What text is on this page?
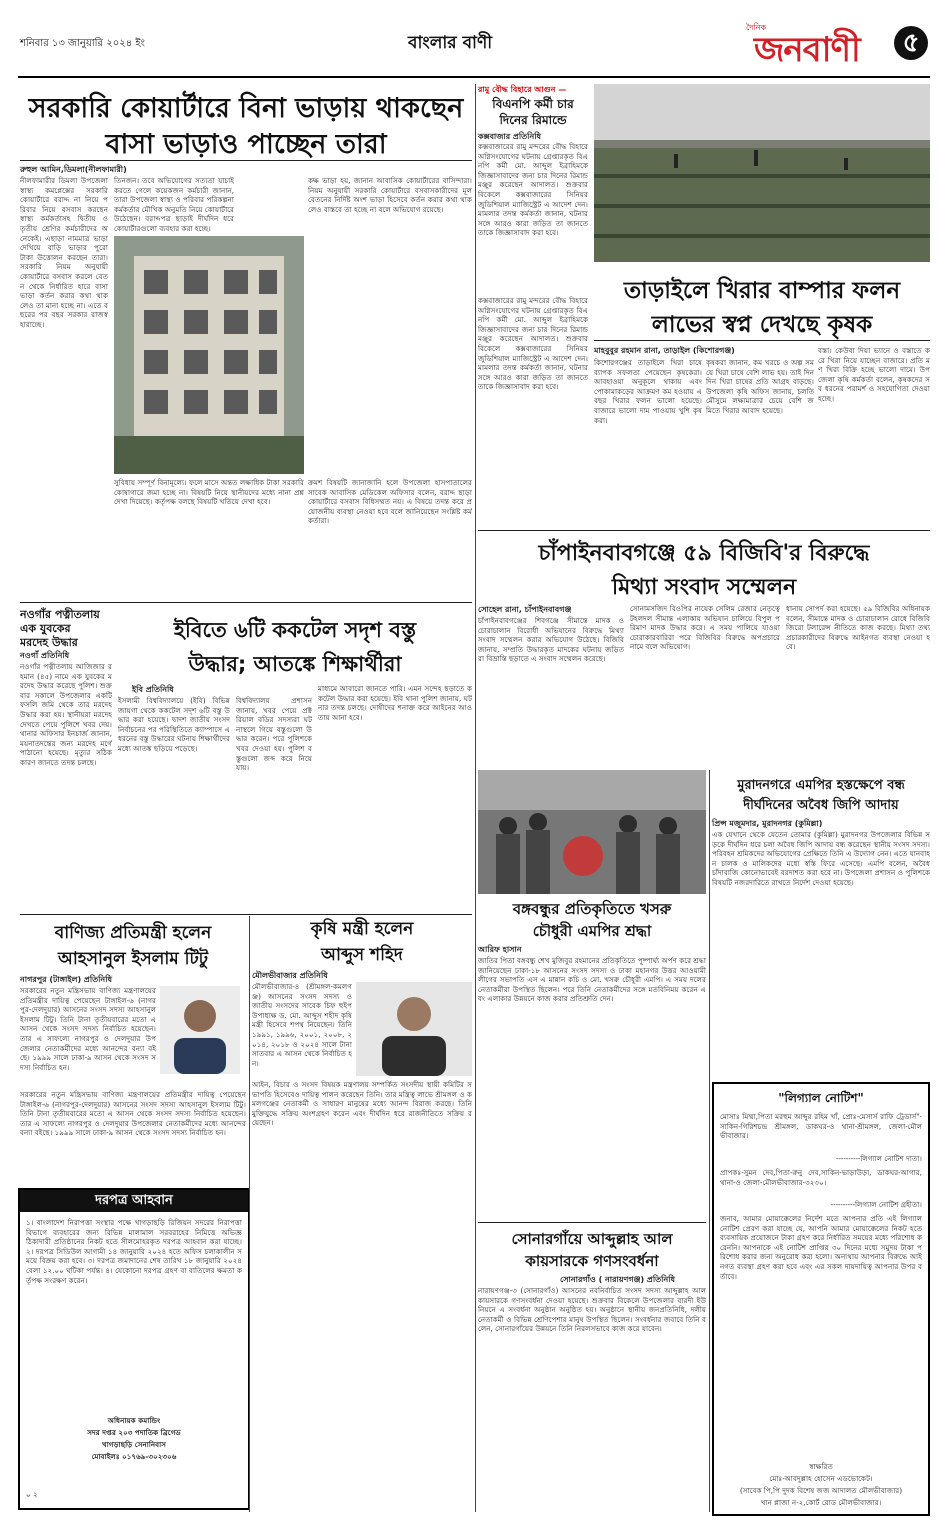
শনিবার ১৩ জানুয়ারি ২০২৪ ইং	বাংলার বাণী
দৈনিক
জনবাণী	৫
সরকারি কোয়ার্টারে বিনা ভাড়ায় থাকছেন
বাসা ভাড়াও পাচ্ছেন তারা
রুহুল আমিন,ডিমলা(নীলফামারী)
নীলফামারীর ডিমলা উপজেলা স্বাস্থ্য কমপ্লেক্সের সরকারি কোয়ার্টারে বরাদ্দ না নিয়ে পরিবার নিয়ে বসবাস করছেন স্বাস্থ্য কর্মকর্তাসহ দ্বিতীয় ও তৃতীয় শ্রেণির কর্মচারীদের অনেকেই। এছাড়া নামমাত্র ভাড়া দেখিয়ে বাড়ি ভাড়ার পুরো টাকা উত্তোলন করছেন তারা। সরকারি নিয়ম অনুযায়ী কোয়ার্টারে বসবাস করলে বেতন থেকে নির্ধারিত হারে বাসা ভাড়া কর্তন করার কথা থাকলেও তা মানা হচ্ছে না। এতে বছরের পর বছর সরকার রাজস্ব হারাচ্ছে।
তিনজন। তবে অভিযোগের সত্যতা যাচাই করতে গেলে কয়েকজন কর্মচারী জানান, তারা উপজেলা স্বাস্থ্য ও পরিবার পরিকল্পনা কর্মকর্তার মৌখিক অনুমতি নিয়ে কোয়ার্টারে উঠেছেন। বরাদ্দপত্র ছাড়াই দীর্ঘদিন ধরে কোয়ার্টারগুলো ব্যবহার করা হচ্ছে।
কক্ষ ভাড়া হয়, জানান আবাসিক কোয়ার্টারের বাসিন্দারা। নিয়ম অনুযায়ী সরকারি কোয়ার্টারে বসবাসকারীদের মূল বেতনের নির্দিষ্ট অংশ ভাড়া হিসেবে কর্তন করার কথা থাকলেও বাস্তবে তা হচ্ছে না বলে অভিযোগ রয়েছে।
সুবিধায় সম্পূর্ণ বিনামূল্যে। ফলে মাসে অন্তত লক্ষাধিক টাকা সরকারি কোষাগারে জমা হচ্ছে না। বিষয়টি নিয়ে স্থানীয়দের মধ্যে নানা প্রশ্ন দেখা দিয়েছে। কর্তৃপক্ষ বলছে বিষয়টি খতিয়ে দেখা হবে।
ক্রমশ বিষয়টি জানাজানি হলে উপজেলা হাসপাতালের সাবেক আবাসিক মেডিকেল অফিসার বলেন, বরাদ্দ ছাড়া কোয়ার্টারে বসবাস বিধিসম্মত নয়। এ বিষয়ে তদন্ত করে প্রয়োজনীয় ব্যবস্থা নেওয়া হবে বলে জানিয়েছেন সংশ্লিষ্ট কর্মকর্তারা।
রামু বৌদ্ধ বিহারে আগুন —
বিএনপি কর্মী চার
দিনের রিমান্ডে
কক্সবাজার প্রতিনিধি
কক্সবাজারের রামু মন্দরের বৌদ্ধ বিহারে অগ্নিসংযোগের ঘটনায় গ্রেপ্তারকৃত বিএনপি কর্মী মো. আব্দুল ইব্রাহিমকে জিজ্ঞাসাবাদের জন্য চার দিনের রিমান্ড মঞ্জুর করেছেন আদালত। শুক্রবার বিকেলে কক্সবাজারের সিনিয়র জুডিশিয়াল ম্যাজিস্ট্রেট এ আদেশ দেন। মামলার তদন্ত কর্মকর্তা জানান, ঘটনার সঙ্গে আরও কারা জড়িত তা জানতে তাকে জিজ্ঞাসাবাদ করা হবে।
তাড়াইলে খিরার বাম্পার ফলন
লাভের স্বপ্ন দেখছে কৃষক
মাহবুবুর রহমান রানা, তাড়াইল (কিশোরগঞ্জ)
কিশোরগঞ্জের তাড়াইলে খিরা চাষে ব্যাপক সফলতা পেয়েছেন কৃষকেরা। আবহাওয়া অনুকূলে থাকায় এবং পোকামাকড়ের আক্রমণ কম হওয়ায় এবছর খিরার ফলন ভালো হয়েছে। বাজারে ভালো দাম পাওয়ায় খুশি কৃষকরা।
কৃষকরা জানান, কম খরচে ও অল্প সময়ে খিরা চাষে বেশি লাভ হয়। তাই দিন দিন খিরা চাষের প্রতি আগ্রহ বাড়ছে। উপজেলা কৃষি অফিস জানায়, চলতি মৌসুমে লক্ষ্যমাত্রার চেয়ে বেশি জমিতে খিরার আবাদ হয়েছে।
বস্তা। কেউবা দিয়া ভ্যানে ও বস্তাতে করে খিরা নিয়ে যাচ্ছেন বাজারে। প্রতি মণ খিরা বিক্রি হচ্ছে ভালো দামে। উপজেলা কৃষি কর্মকর্তা বলেন, কৃষকদের সব ধরনের পরামর্শ ও সহযোগিতা দেওয়া হচ্ছে।
কক্সবাজারের রামু মন্দরের বৌদ্ধ বিহারে অগ্নিসংযোগের ঘটনায় গ্রেপ্তারকৃত বিএনপি কর্মী মো. আব্দুল ইব্রাহিমকে জিজ্ঞাসাবাদের জন্য চার দিনের রিমান্ড মঞ্জুর করেছেন আদালত। শুক্রবার বিকেলে কক্সবাজারের সিনিয়র জুডিশিয়াল ম্যাজিস্ট্রেট এ আদেশ দেন। মামলার তদন্ত কর্মকর্তা জানান, ঘটনার সঙ্গে আরও কারা জড়িত তা জানতে তাকে জিজ্ঞাসাবাদ করা হবে।
চাঁপাইনবাবগঞ্জে ৫৯ বিজিবি'র বিরুদ্ধে
মিথ্যা সংবাদ সম্মেলন
সোহেল রানা, চাঁপাইনবাবগঞ্জ
চাঁপাইনবাবগঞ্জের শিবগঞ্জে সীমান্তে মাদক ও চোরাচালান বিরোধী অভিযানের বিরুদ্ধে মিথ্যা সংবাদ সম্মেলন করার অভিযোগ উঠেছে। বিজিবি জানায়, সম্প্রতি উদ্ধারকৃত মাদকের ঘটনায় জড়িতরা বিভ্রান্তি ছড়াতে এ সংবাদ সম্মেলন করেছে।
সোনামসজিদ বিওপির নায়েক সেলিম রেজার নেতৃত্বে টহলদল সীমান্ত এলাকায় অভিযান চালিয়ে বিপুল পরিমাণ মাদক উদ্ধার করে। এ সময় পালিয়ে যাওয়া চোরাকারবারিরা পরে বিজিবির বিরুদ্ধে অপপ্রচারে নামে বলে অভিযোগ।
ধানায় সোপর্দ করা হয়েছে। ৫৯ বিজিবির অধিনায়ক বলেন, সীমান্তে মাদক ও চোরাচালান রোধে বিজিবি জিরো টলারেন্স নীতিতে কাজ করছে। মিথ্যা তথ্য প্রচারকারীদের বিরুদ্ধে আইনগত ব্যবস্থা নেওয়া হবে।
নওগাঁর পত্নীতলায়
এক যুবকের
মরদেহ উদ্ধার
নওগাঁ প্রতিনিধি
নওগাঁর পত্নীতলায় আজিজার রহমান (৪৫) নামে এক যুবকের মরদেহ উদ্ধার করেছে পুলিশ। শুক্রবার সকালে উপজেলার একটি ফসলি জমি থেকে তার মরদেহ উদ্ধার করা হয়। স্থানীয়রা মরদেহ দেখতে পেয়ে পুলিশে খবর দেয়। থানার অফিসার ইনচার্জ জানান, ময়নাতদন্তের জন্য মরদেহ মর্গে পাঠানো হয়েছে। মৃত্যুর সঠিক কারণ জানতে তদন্ত চলছে।
ইবিতে ৬টি ককটেল সদৃশ বস্তু
উদ্ধার; আতঙ্কে শিক্ষার্থীরা
ইবি প্রতিনিধি
ইসলামী বিশ্ববিদ্যালয়ে (ইবি) বিভিন্ন জায়গা থেকে ককটেল সদৃশ ৬টি বস্তু উদ্ধার করা হয়েছে। দ্বাদশ জাতীয় সংসদ নির্বাচনের পর পরিস্থিতিতে ক্যাম্পাসে এ ধরনের বস্তু উদ্ধারের ঘটনায় শিক্ষার্থীদের মধ্যে আতঙ্ক ছড়িয়ে পড়েছে।
বিশ্ববিদ্যালয় প্রশাসন জানায়, খবর পেয়ে প্রক্টরিয়াল বডির সদস্যরা ঘটনাস্থলে গিয়ে বস্তুগুলো উদ্ধার করেন। পরে পুলিশকে খবর দেওয়া হয়। পুলিশ বস্তুগুলো জব্দ করে নিয়ে যায়।
মাধ্যমে আবারো জানতে পারি। এমন সন্দেহ ছড়াতে ককটেল উদ্ধার করা হয়েছে। ইবি থানা পুলিশ জানায়, ঘটনার তদন্ত চলছে। দোষীদের শনাক্ত করে আইনের আওতায় আনা হবে।
বঙ্গবন্ধুর প্রতিকৃতিতে খসরু
চৌধুরী এমপির শ্রদ্ধা
আরিফ হাসান
জাতির পিতা বঙ্গবন্ধু শেখ মুজিবুর রহমানের প্রতিকৃতিতে পুষ্পার্ঘ্য অর্পণ করে শ্রদ্ধা জানিয়েছেন ঢাকা-১৮ আসনের সংসদ সদস্য ও ঢাকা মহানগর উত্তর আওয়ামী লীগের সভাপতি এস এ মান্নান কচি ও মো. খসরু চৌধুরী এমপি। এ সময় দলের নেতাকর্মীরা উপস্থিত ছিলেন। পরে তিনি নেতাকর্মীদের সঙ্গে মতবিনিময় করেন এবং এলাকার উন্নয়নে কাজ করার প্রতিশ্রুতি দেন।
মুরাদনগরে এমপির হস্তক্ষেপে বন্ধ
দীর্ঘদিনের অবৈধ জিপি আদায়
প্রিন্স মজুমদার, মুরাদনগর (কুমিল্লা)
এক যেখানে থেকে যেতেন তোমার (কুমিল্লা) মুরাদনগর উপজেলার বিভিন্ন সড়কে দীর্ঘদিন ধরে চলা অবৈধ জিপি আদায় বন্ধ করেছেন স্থানীয় সংসদ সদস্য। পরিবহন শ্রমিকদের অভিযোগের প্রেক্ষিতে তিনি এ উদ্যোগ নেন। এতে যানবাহন চালক ও মালিকদের মধ্যে স্বস্তি ফিরে এসেছে। এমপি বলেন, অবৈধ চাঁদাবাজি কোনোভাবেই বরদাশত করা হবে না। উপজেলা প্রশাসন ও পুলিশকে বিষয়টি নজরদারিতে রাখতে নির্দেশ দেওয়া হয়েছে।
"লিগ্যাল নোটিশ"
মোসাঃ মিম্মা,পিতা মরহুম আব্দুর রহিম খাঁ, প্রোঃ-মেসার্স রাফি ট্রেডার্স"-সাকিন-গিরিশচন্দ্র শ্রীমঙ্গল, ডাকঘর-ও থানা-শ্রীমঙ্গল, জেলা-মৌলভীবাজার।
----------লিগ্যাল নোটিশ দাতা।
প্রাপকঃ-সুমন দেব,পিতা-রুনু দেব,সাকিন-ভাড়াউড়া, ডাকঘর-আগার,থানা-ও জেলা-মৌলভীবাজার-৩২৩০।
----------লিগ্যাল নোটিশ গ্রহীতা।
জনাব, আমার মোয়াক্কেলের নির্দেশ মতে আপনার প্রতি এই লিগ্যাল নোটিশ প্রেরণ করা যাচ্ছে যে, আপনি আমার মোয়াক্কেলের নিকট হতে ব্যবসায়িক প্রয়োজনে টাকা গ্রহণ করে নির্ধারিত সময়ের মধ্যে পরিশোধ করেননি। আপনাকে এই নোটিশ প্রাপ্তির ৩০ দিনের মধ্যে সমুদয় টাকা পরিশোধ করার জন্য অনুরোধ করা হলো। অন্যথায় আপনার বিরুদ্ধে আইনগত ব্যবস্থা গ্রহণ করা হবে এবং এর সকল দায়দায়িত্ব আপনার উপর বর্তাবে।
স্বাক্ষরিত
মোঃ-আবদুল্লাহ হোসেন এডভোকেট।
(সাবেক পি,পি দুদক বিশেষ জজ আদালত মৌলভীবাজার)
খান প্লাজা ন-২,কোর্ট রোড মৌলভীবাজার।
বাণিজ্য প্রতিমন্ত্রী হলেন
আহসানুল ইসলাম টিটু
নাগরপুর (টাঙ্গাইল) প্রতিনিধি
সরকারের নতুন মন্ত্রিসভায় বাণিজ্য মন্ত্রণালয়ের প্রতিমন্ত্রীর দায়িত্ব পেয়েছেন টাঙ্গাইল-৬ (নাগরপুর-দেলদুয়ার) আসনের সংসদ সদস্য আহসানুল ইসলাম টিটু। তিনি টানা তৃতীয়বারের মতো এ আসন থেকে সংসদ সদস্য নির্বাচিত হয়েছেন। তার এ সাফল্যে নাগরপুর ও দেলদুয়ার উপজেলার নেতাকর্মীদের মধ্যে আনন্দের বন্যা বইছে। ১৯৯৯ সালে ঢাকা-৯ আসন থেকে সংসদ সদস্য নির্বাচিত হন।
সরকারের নতুন মন্ত্রিসভায় বাণিজ্য মন্ত্রণালয়ের প্রতিমন্ত্রীর দায়িত্ব পেয়েছেন টাঙ্গাইল-৬ (নাগরপুর-দেলদুয়ার) আসনের সংসদ সদস্য আহসানুল ইসলাম টিটু। তিনি টানা তৃতীয়বারের মতো এ আসন থেকে সংসদ সদস্য নির্বাচিত হয়েছেন। তার এ সাফল্যে নাগরপুর ও দেলদুয়ার উপজেলার নেতাকর্মীদের মধ্যে আনন্দের বন্যা বইছে। ১৯৯৯ সালে ঢাকা-৯ আসন থেকে সংসদ সদস্য নির্বাচিত হন।
কৃষি মন্ত্রী হলেন
আব্দুস শহিদ
মৌলভীবাজার প্রতিনিধি
মৌলভীবাজার-৪ (শ্রীমঙ্গল-কমলগঞ্জ) আসনের সংসদ সদস্য ও জাতীয় সংসদের সাবেক চিফ হুইপ উপাধ্যক্ষ ড. মো. আব্দুস শহীদ কৃষি মন্ত্রী হিসেবে শপথ নিয়েছেন। তিনি ১৯৯১, ১৯৯৬, ২০০১, ২০০৮, ২০১৪, ২০১৮ ও ২০২৪ সালে টানা সাতবার এ আসন থেকে নির্বাচিত হন।
আইন, বিচার ও সংসদ বিষয়ক মন্ত্রণালয় সম্পর্কিত সংসদীয় স্থায়ী কমিটির সভাপতি হিসেবেও দায়িত্ব পালন করেছেন তিনি। তার মন্ত্রিত্ব লাভে শ্রীমঙ্গল ও কমলগঞ্জের নেতাকর্মী ও সাধারণ মানুষের মধ্যে আনন্দ বিরাজ করছে। তিনি মুক্তিযুদ্ধে সক্রিয় অংশগ্রহণ করেন এবং দীর্ঘদিন ধরে রাজনীতিতে সক্রিয় রয়েছেন।
সোনারগাঁয়ে আব্দুল্লাহ আল
কায়সারকে গণসংবর্ধনা
সোনারগাঁও ( নারায়ণগঞ্জ) প্রতিনিধি
নারায়ণগঞ্জ-৩ (সোনারগাঁও) আসনের নবনির্বাচিত সংসদ সদস্য আব্দুল্লাহ আল কায়সারকে গণসংবর্ধনা দেওয়া হয়েছে। শুক্রবার বিকেলে উপজেলার বারদী ইউনিয়নে এ সংবর্ধনা অনুষ্ঠান অনুষ্ঠিত হয়। অনুষ্ঠানে স্থানীয় জনপ্রতিনিধি, দলীয় নেতাকর্মী ও বিভিন্ন শ্রেণিপেশার মানুষ উপস্থিত ছিলেন। সংবর্ধনার জবাবে তিনি বলেন, সোনারগাঁয়ের উন্নয়নে তিনি নিরলসভাবে কাজ করে যাবেন।
দরপত্র আহবান
১। বাংলাদেশ নিরাপত্তা সংস্থার পক্ষে খাগড়াছড়ি রিজিয়ন সদরের নিরাপত্তা বিভাগে ব্যবহারের জন্য বিভিন্ন মালামাল সরবরাহের নিমিত্তে অভিজ্ঞ ঠিকাদারী প্রতিষ্ঠানের নিকট হতে সীলমোহরকৃত দরপত্র আহবান করা যাচ্ছে। ২। দরপত্র সিডিউল আগামী ১৪ জানুয়ারি ২০২৪ হতে অফিস চলাকালীন সময়ে বিক্রয় করা হবে। ৩। দরপত্র জমাদানের শেষ তারিখ ১৮ জানুয়ারি ২০২৪ বেলা ১২.০০ ঘটিকা পর্যন্ত। ৪। যেকোনো দরপত্র গ্রহণ বা বাতিলের ক্ষমতা কর্তৃপক্ষ সংরক্ষণ করেন।
অধিনায়ক কমান্ডিং
সদর দপ্তর ২০৩ পদাতিক ব্রিগেড
খাগড়াছড়ি সেনানিবাস
মোবাইলঃ ০১৭৬৯-৩০২৩০৬
০ ২
